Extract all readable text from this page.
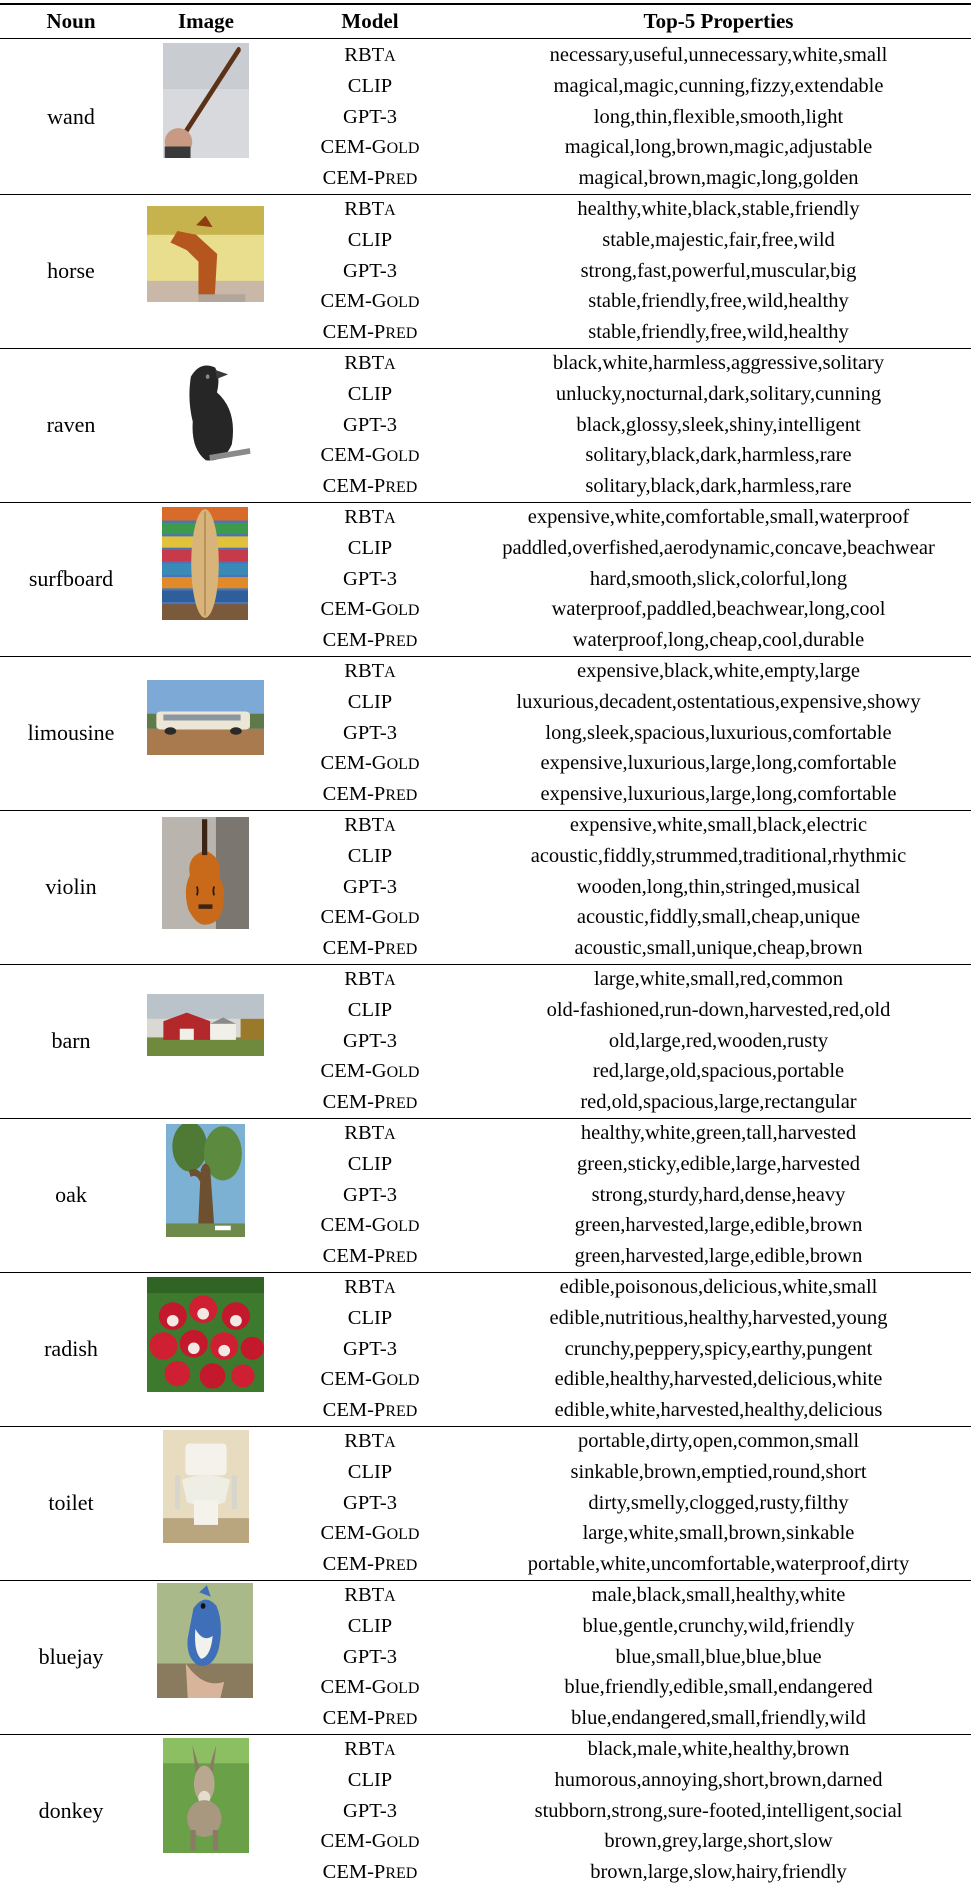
Noun	Image	Model	Top-5 Properties
wand
RBTA	necessary,useful,unnecessary,white,small
CLIP	magical,magic,cunning,fizzy,extendable
GPT-3	long,thin,flexible,smooth,light
CEM-GOLD	magical,long,brown,magic,adjustable
CEM-PRED	magical,brown,magic,long,golden
horse
RBTA	healthy,white,black,stable,friendly
CLIP	stable,majestic,fair,free,wild
GPT-3	strong,fast,powerful,muscular,big
CEM-GOLD	stable,friendly,free,wild,healthy
CEM-PRED	stable,friendly,free,wild,healthy
raven
RBTA	black,white,harmless,aggressive,solitary
CLIP	unlucky,nocturnal,dark,solitary,cunning
GPT-3	black,glossy,sleek,shiny,intelligent
CEM-GOLD	solitary,black,dark,harmless,rare
CEM-PRED	solitary,black,dark,harmless,rare
surfboard
RBTA	expensive,white,comfortable,small,waterproof
CLIP	paddled,overfished,aerodynamic,concave,beachwear
GPT-3	hard,smooth,slick,colorful,long
CEM-GOLD	waterproof,paddled,beachwear,long,cool
CEM-PRED	waterproof,long,cheap,cool,durable
limousine
RBTA	expensive,black,white,empty,large
CLIP	luxurious,decadent,ostentatious,expensive,showy
GPT-3	long,sleek,spacious,luxurious,comfortable
CEM-GOLD	expensive,luxurious,large,long,comfortable
CEM-PRED	expensive,luxurious,large,long,comfortable
violin
RBTA	expensive,white,small,black,electric
CLIP	acoustic,fiddly,strummed,traditional,rhythmic
GPT-3	wooden,long,thin,stringed,musical
CEM-GOLD	acoustic,fiddly,small,cheap,unique
CEM-PRED	acoustic,small,unique,cheap,brown
barn
RBTA	large,white,small,red,common
CLIP	old-fashioned,run-down,harvested,red,old
GPT-3	old,large,red,wooden,rusty
CEM-GOLD	red,large,old,spacious,portable
CEM-PRED	red,old,spacious,large,rectangular
oak
RBTA	healthy,white,green,tall,harvested
CLIP	green,sticky,edible,large,harvested
GPT-3	strong,sturdy,hard,dense,heavy
CEM-GOLD	green,harvested,large,edible,brown
CEM-PRED	green,harvested,large,edible,brown
radish
RBTA	edible,poisonous,delicious,white,small
CLIP	edible,nutritious,healthy,harvested,young
GPT-3	crunchy,peppery,spicy,earthy,pungent
CEM-GOLD	edible,healthy,harvested,delicious,white
CEM-PRED	edible,white,harvested,healthy,delicious
toilet
RBTA	portable,dirty,open,common,small
CLIP	sinkable,brown,emptied,round,short
GPT-3	dirty,smelly,clogged,rusty,filthy
CEM-GOLD	large,white,small,brown,sinkable
CEM-PRED	portable,white,uncomfortable,waterproof,dirty
bluejay
RBTA	male,black,small,healthy,white
CLIP	blue,gentle,crunchy,wild,friendly
GPT-3	blue,small,blue,blue,blue
CEM-GOLD	blue,friendly,edible,small,endangered
CEM-PRED	blue,endangered,small,friendly,wild
donkey
RBTA	black,male,white,healthy,brown
CLIP	humorous,annoying,short,brown,darned
GPT-3	stubborn,strong,sure-footed,intelligent,social
CEM-GOLD	brown,grey,large,short,slow
CEM-PRED	brown,large,slow,hairy,friendly
